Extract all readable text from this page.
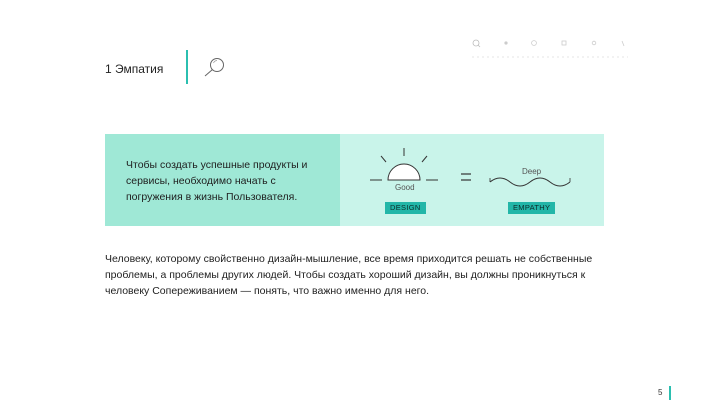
1 Эмпатия
Чтобы создать успешные продукты и сервисы, необходимо начать с погружения в жизнь Пользователя.
Good
Deep
DESIGN	EMPATHY
Человеку, которому свойственно дизайн-мышление, все время приходится решать не собственные проблемы, а проблемы других людей. Чтобы создать хороший дизайн, вы должны проникнуться к человеку Сопереживанием — понять, что важно именно для него.
5
